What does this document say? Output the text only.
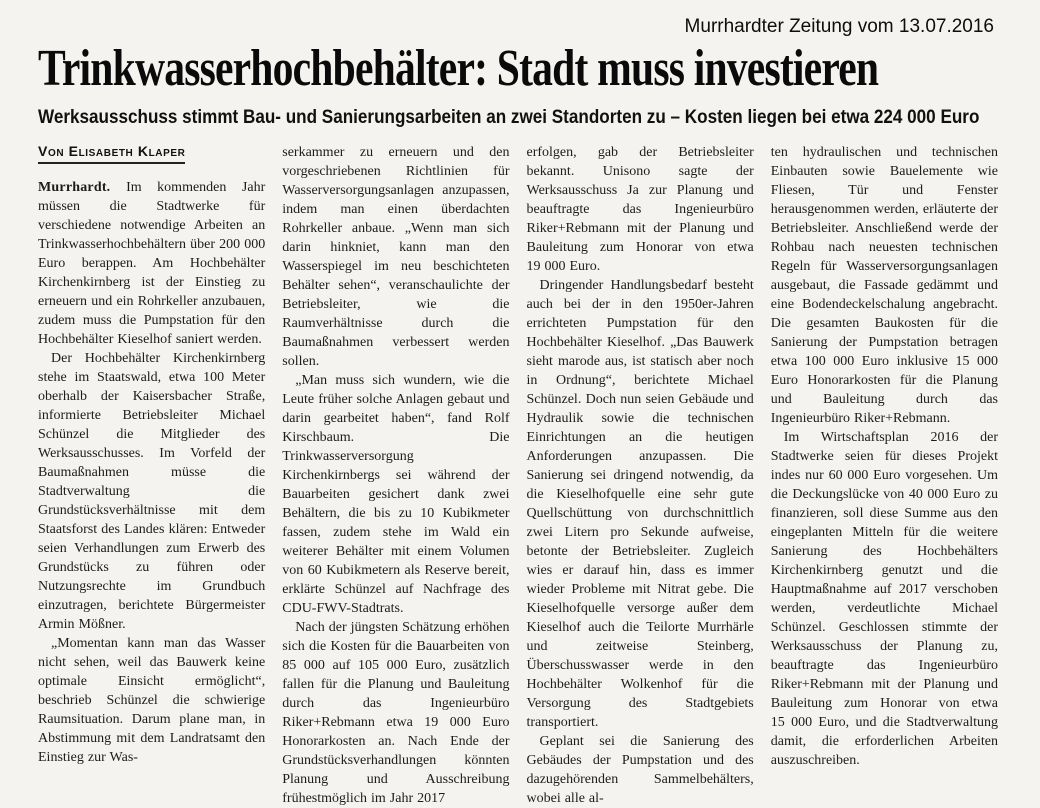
Murrhardter Zeitung vom 13.07.2016
Trinkwasserhochbehälter: Stadt muss investieren
Werksausschuss stimmt Bau- und Sanierungsarbeiten an zwei Standorten zu – Kosten liegen bei etwa 224 000 Euro
Von Elisabeth Klaper

Murrhardt. Im kommenden Jahr müssen die Stadtwerke für verschiedene notwendige Arbeiten an Trinkwasserhochbehältern über 200 000 Euro berappen. Am Hochbehälter Kirchenkirnberg ist der Einstieg zu erneuern und ein Rohrkeller anzubauen, zudem muss die Pumpstation für den Hochbehälter Kieselhof saniert werden.

Der Hochbehälter Kirchenkirnberg stehe im Staatswald, etwa 100 Meter oberhalb der Kaisersbacher Straße, informierte Betriebsleiter Michael Schünzel die Mitglieder des Werksausschusses. Im Vorfeld der Baumaßnahmen müsse die Stadtverwaltung die Grundstücksverhältnisse mit dem Staatsforst des Landes klären: Entweder seien Verhandlungen zum Erwerb des Grundstücks zu führen oder Nutzungsrechte im Grundbuch einzutragen, berichtete Bürgermeister Armin Mößner.

„Momentan kann man das Wasser nicht sehen, weil das Bauwerk keine optimale Einsicht ermöglicht“, beschrieb Schünzel die schwierige Raumsituation. Darum plane man, in Abstimmung mit dem Landratsamt den Einstieg zur Was-

serkammer zu erneuern und den vorgeschriebenen Richtlinien für Wasserversorgungsanlagen anzupassen, indem man einen überdachten Rohrkeller anbaue. „Wenn man sich darin hinkniet, kann man den Wasserspiegel im neu beschichteten Behälter sehen“, veranschaulichte der Betriebsleiter, wie die Raumverhältnisse durch die Baumaßnahmen verbessert werden sollen.

„Man muss sich wundern, wie die Leute früher solche Anlagen gebaut und darin gearbeitet haben“, fand Rolf Kirschbaum. Die Trinkwasserversorgung Kirchenkirnbergs sei während der Bauarbeiten gesichert dank zwei Behältern, die bis zu 10 Kubikmeter fassen, zudem stehe im Wald ein weiterer Behälter mit einem Volumen von 60 Kubikmetern als Reserve bereit, erklärte Schünzel auf Nachfrage des CDU-FWV-Stadtrats.

Nach der jüngsten Schätzung erhöhen sich die Kosten für die Bauarbeiten von 85 000 auf 105 000 Euro, zusätzlich fallen für die Planung und Bauleitung durch das Ingenieurbüro Riker+Rebmann etwa 19 000 Euro Honorarkosten an. Nach Ende der Grundstücksverhandlungen könnten Planung und Ausschreibung frühestmöglich im Jahr 2017

erfolgen, gab der Betriebsleiter bekannt. Unisono sagte der Werksausschuss Ja zur Planung und beauftragte das Ingenieurbüro Riker+Rebmann mit der Planung und Bauleitung zum Honorar von etwa 19 000 Euro.

Dringender Handlungsbedarf besteht auch bei der in den 1950er-Jahren errichteten Pumpstation für den Hochbehälter Kieselhof. „Das Bauwerk sieht marode aus, ist statisch aber noch in Ordnung“, berichtete Michael Schünzel. Doch nun seien Gebäude und Hydraulik sowie die technischen Einrichtungen an die heutigen Anforderungen anzupassen. Die Sanierung sei dringend notwendig, da die Kieselhofquelle eine sehr gute Quellschüttung von durchschnittlich zwei Litern pro Sekunde aufweise, betonte der Betriebsleiter. Zugleich wies er darauf hin, dass es immer wieder Probleme mit Nitrat gebe. Die Kieselhofquelle versorge außer dem Kieselhof auch die Teilorte Murrhärle und zeitweise Steinberg, Überschusswasser werde in den Hochbehälter Wolkenhof für die Versorgung des Stadtgebiets transportiert.

Geplant sei die Sanierung des Gebäudes der Pumpstation und des dazugehörenden Sammelbehälters, wobei alle al-

ten hydraulischen und technischen Einbauten sowie Bauelemente wie Fliesen, Tür und Fenster herausgenommen werden, erläuterte der Betriebsleiter. Anschließend werde der Rohbau nach neuesten technischen Regeln für Wasserversorgungsanlagen ausgebaut, die Fassade gedämmt und eine Bodendeckelschalung angebracht. Die gesamten Baukosten für die Sanierung der Pumpstation betragen etwa 100 000 Euro inklusive 15 000 Euro Honorarkosten für die Planung und Bauleitung durch das Ingenieurbüro Riker+Rebmann.

Im Wirtschaftsplan 2016 der Stadtwerke seien für dieses Projekt indes nur 60 000 Euro vorgesehen. Um die Deckungslücke von 40 000 Euro zu finanzieren, soll diese Summe aus den eingeplanten Mitteln für die weitere Sanierung des Hochbehälters Kirchenkirnberg genutzt und die Hauptmaßnahme auf 2017 verschoben werden, verdeutlichte Michael Schünzel. Geschlossen stimmte der Werksausschuss der Planung zu, beauftragte das Ingenieurbüro Riker+Rebmann mit der Planung und Bauleitung zum Honorar von etwa 15 000 Euro, und die Stadtverwaltung damit, die erforderlichen Arbeiten auszuschreiben.
